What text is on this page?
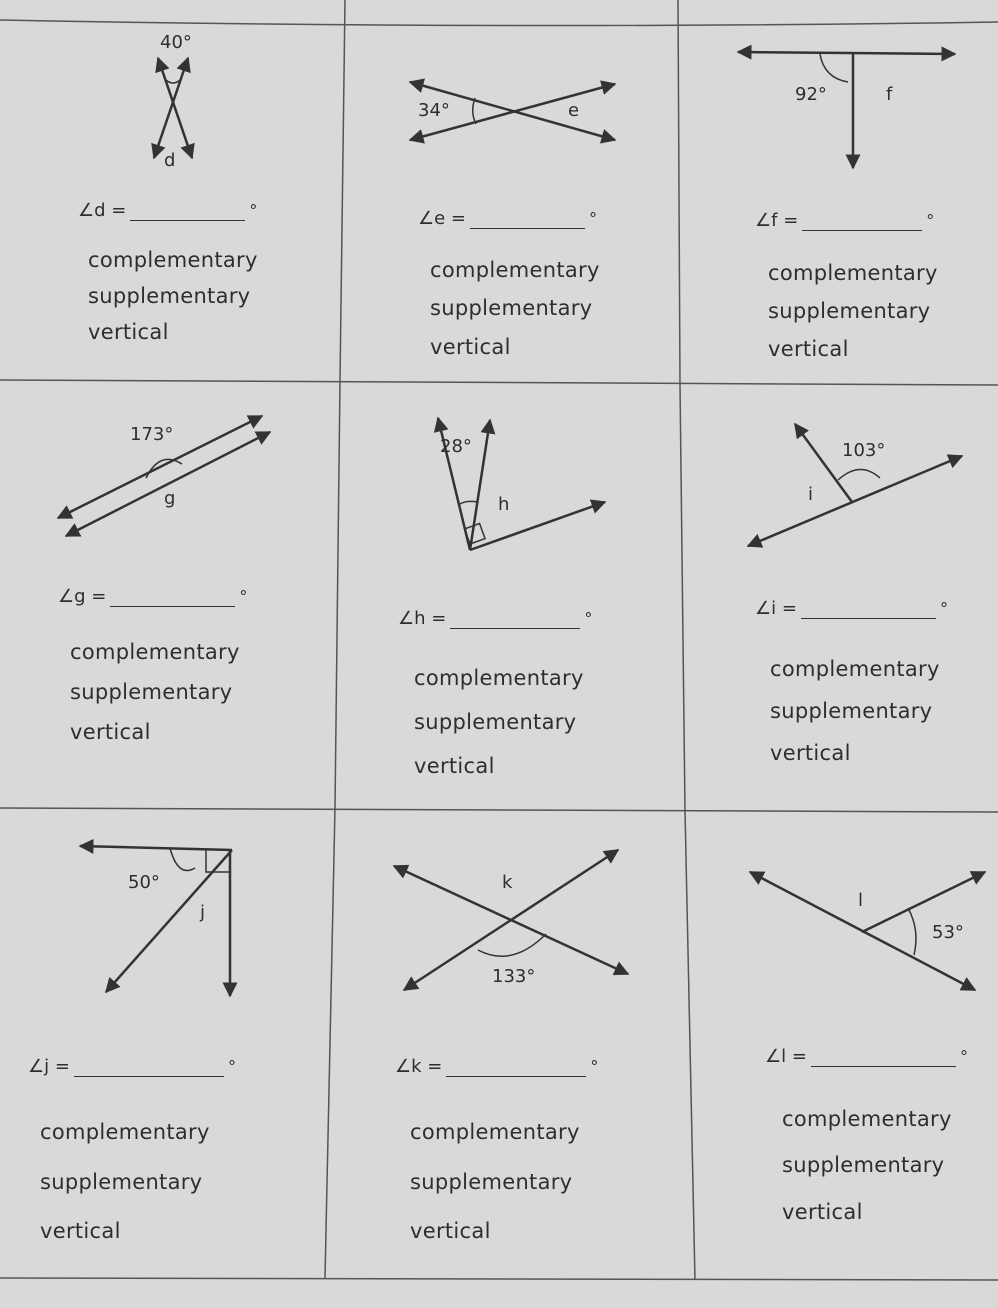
40°
d
∠d =	°
complementary
supplementary
vertical
34°	e
∠e =	°
complementary
supplementary
vertical
92°	f
∠f =	°
complementary
supplementary
vertical
173°
g
∠g =	°
complementary
supplementary
vertical
28°
h
∠h =	°
complementary
supplementary
vertical
103°
i
∠i =	°
complementary
supplementary
vertical
50°
j
∠j =	°
complementary
supplementary
vertical
133°
k
∠k =	°
complementary
supplementary
vertical
53°
l
∠l =	°
complementary
supplementary
vertical
